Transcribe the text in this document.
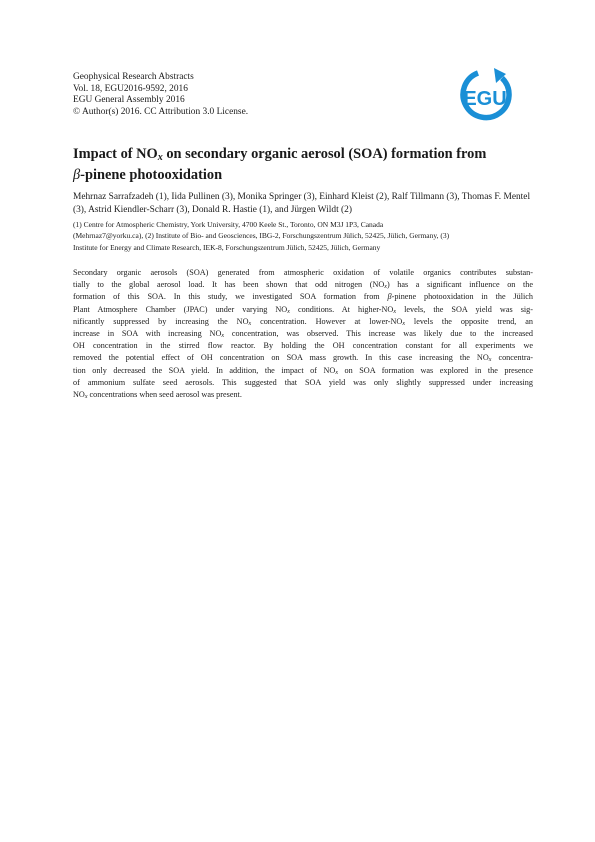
Geophysical Research Abstracts
Vol. 18, EGU2016-9592, 2016
EGU General Assembly 2016
© Author(s) 2016. CC Attribution 3.0 License.
EGU
Impact of $NO_x$ on secondary organic aerosol (SOA) formation from
β-pinene photooxidation

Mehrnaz Sarrafzadeh (1), Iida Pullinen (3), Monika Springer (3), Einhard Kleist (2), Ralf Tillmann (3), Thomas F. Mentel (3), Astrid Kiendler-Scharr (3), Donald R. Hastie (1), and Jürgen Wildt (2)

(1) Centre for Atmospheric Chemistry, York University, 4700 Keele St., Toronto, ON M3J 1P3, Canada
(Mehrnaz7@yorku.ca), (2) Institute of Bio- and Geosciences, IBG-2, Forschungszentrum Jülich, 52425, Jülich, Germany, (3)
Institute for Energy and Climate Research, IEK-8, Forschungszentrum Jülich, 52425, Jülich, Germany

Secondary organic aerosols (SOA) generated from atmospheric oxidation of volatile organics contributes substan-
tially to the global aerosol load. It has been shown that odd nitrogen $(NO_x)$ has a significant influence on the
formation of this SOA. In this study, we investigated SOA formation from β-pinene photooxidation in the Jülich
Plant Atmosphere Chamber (JPAC) under varying $NO_x$ conditions. At higher-$NO_x$ levels, the SOA yield was sig-
nificantly suppressed by increasing the $NO_x$ concentration. However at lower-$NO_x$ levels the opposite trend, an
increase in SOA with increasing $NO_x$ concentration, was observed. This increase was likely due to the increased
OH concentration in the stirred flow reactor. By holding the OH concentration constant for all experiments we
removed the potential effect of OH concentration on SOA mass growth. In this case increasing the $NO_x$ concentra-
tion only decreased the SOA yield. In addition, the impact of $NO_x$ on SOA formation was explored in the presence
of ammonium sulfate seed aerosols. This suggested that SOA yield was only slightly suppressed under increasing
$NO_x$ concentrations when seed aerosol was present.
